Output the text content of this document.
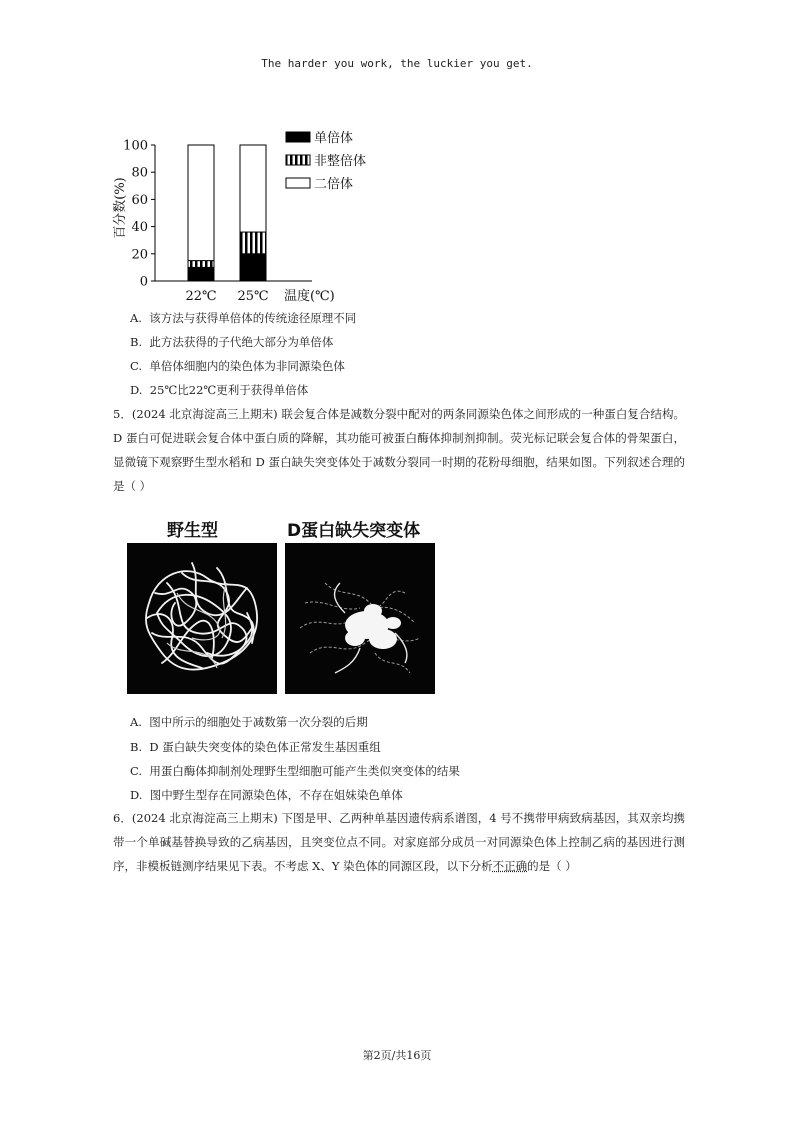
The harder you work, the luckier you get.
0
20
40
60
80
100
百分数(%)
22℃ 25℃ 温度(℃)
单倍体
非整倍体
二倍体
A. 该方法与获得单倍体的传统途径原理不同
B. 此方法获得的子代绝大部分为单倍体
C. 单倍体细胞内的染色体为非同源染色体
D. 25℃比22℃更利于获得单倍体
5．(2024 北京海淀高三上期末) 联会复合体是减数分裂中配对的两条同源染色体之间形成的一种蛋白复合结构。D 蛋白可促进联会复合体中蛋白质的降解，其功能可被蛋白酶体抑制剂抑制。荧光标记联会复合体的骨架蛋白，显微镜下观察野生型水稻和 D 蛋白缺失突变体处于减数分裂同一时期的花粉母细胞，结果如图。下列叙述合理的是（ ）
野生型	D蛋白缺失突变体
A. 图中所示的细胞处于减数第一次分裂的后期
B. D 蛋白缺失突变体的染色体正常发生基因重组
C. 用蛋白酶体抑制剂处理野生型细胞可能产生类似突变体的结果
D. 图中野生型存在同源染色体，不存在姐妹染色单体
6．(2024 北京海淀高三上期末) 下图是甲、乙两种单基因遗传病系谱图，4 号不携带甲病致病基因，其双亲均携带一个单碱基替换导致的乙病基因，且突变位点不同。对家庭部分成员一对同源染色体上控制乙病的基因进行测序，非模板链测序结果见下表。不考虑 X、Y 染色体的同源区段，以下分析不正确的是（ ）
第2页/共16页
